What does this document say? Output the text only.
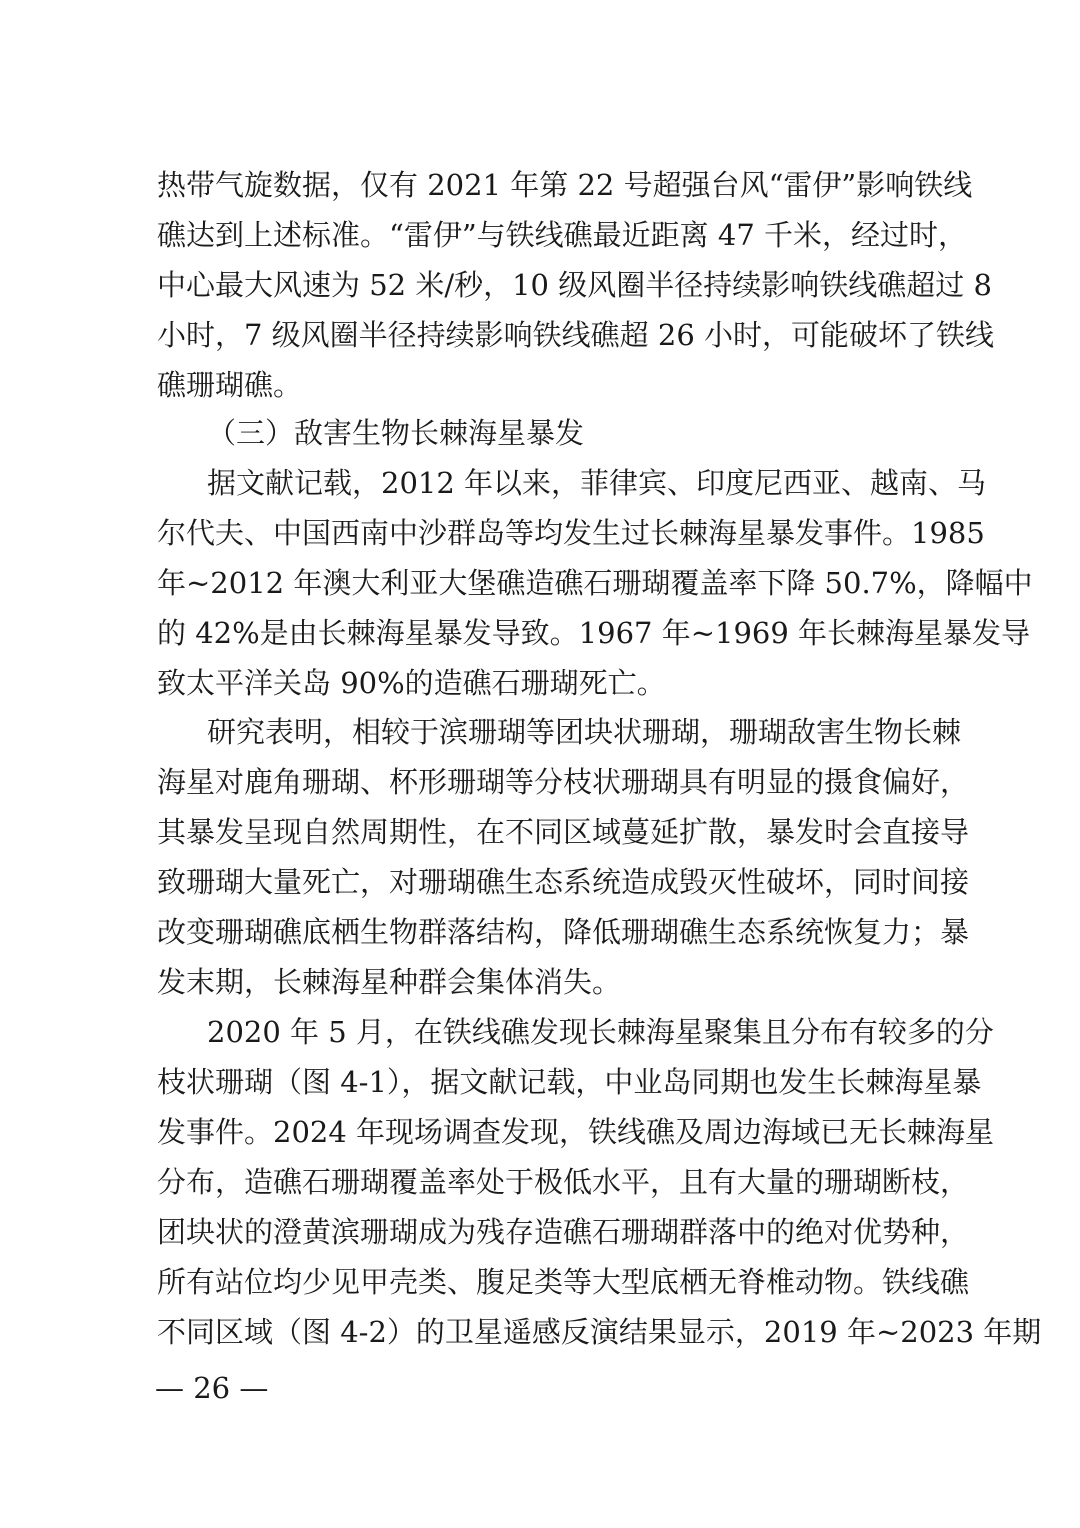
热带气旋数据，仅有 2021 年第 22 号超强台风“雷伊”影响铁线
礁达到上述标准。“雷伊”与铁线礁最近距离 47 千米，经过时，
中心最大风速为 52 米/秒，10 级风圈半径持续影响铁线礁超过 8
小时，7 级风圈半径持续影响铁线礁超 26 小时，可能破坏了铁线
礁珊瑚礁。
（三）敌害生物长棘海星暴发
据文献记载，2012 年以来，菲律宾、印度尼西亚、越南、马
尔代夫、中国西南中沙群岛等均发生过长棘海星暴发事件。1985
年~2012 年澳大利亚大堡礁造礁石珊瑚覆盖率下降 50.7%，降幅中
的 42%是由长棘海星暴发导致。1967 年~1969 年长棘海星暴发导
致太平洋关岛 90%的造礁石珊瑚死亡。
研究表明，相较于滨珊瑚等团块状珊瑚，珊瑚敌害生物长棘
海星对鹿角珊瑚、杯形珊瑚等分枝状珊瑚具有明显的摄食偏好，
其暴发呈现自然周期性，在不同区域蔓延扩散，暴发时会直接导
致珊瑚大量死亡，对珊瑚礁生态系统造成毁灭性破坏，同时间接
改变珊瑚礁底栖生物群落结构，降低珊瑚礁生态系统恢复力；暴
发末期，长棘海星种群会集体消失。
2020 年 5 月，在铁线礁发现长棘海星聚集且分布有较多的分
枝状珊瑚（图 4-1），据文献记载，中业岛同期也发生长棘海星暴
发事件。2024 年现场调查发现，铁线礁及周边海域已无长棘海星
分布，造礁石珊瑚覆盖率处于极低水平，且有大量的珊瑚断枝，
团块状的澄黄滨珊瑚成为残存造礁石珊瑚群落中的绝对优势种，
所有站位均少见甲壳类、腹足类等大型底栖无脊椎动物。铁线礁
不同区域（图 4-2）的卫星遥感反演结果显示，2019 年~2023 年期
— 26 —
